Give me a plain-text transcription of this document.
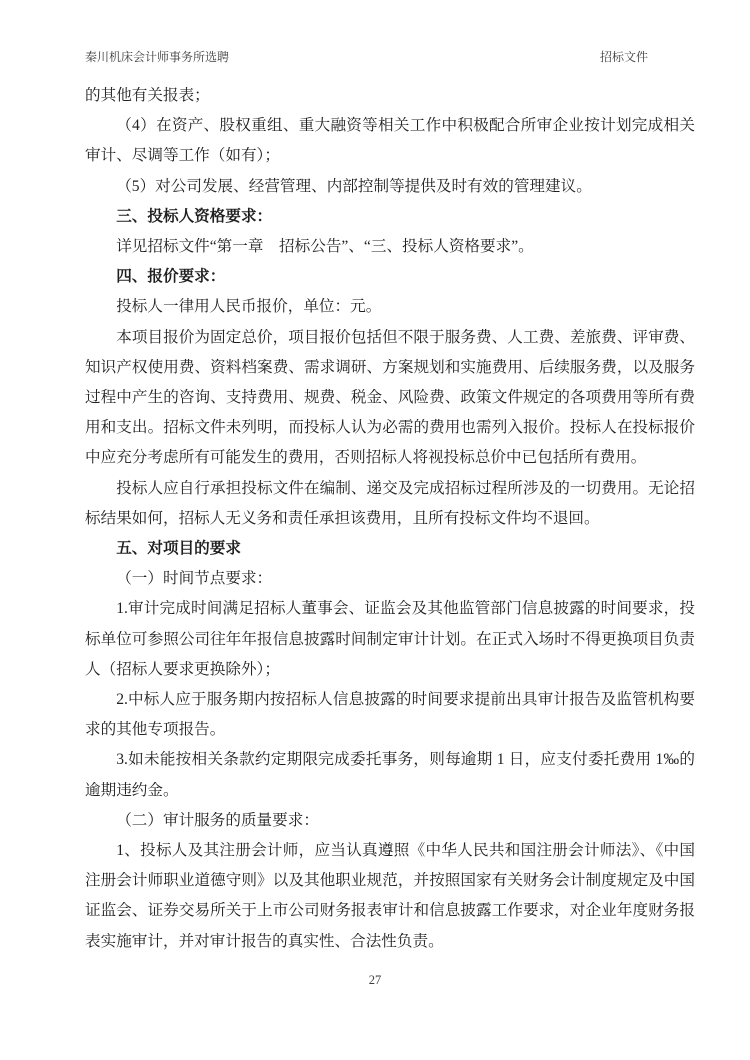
秦川机床会计师事务所选聘	招标文件

的其他有关报表；

（4）在资产、股权重组、重大融资等相关工作中积极配合所审企业按计划完成相关审计、尽调等工作（如有）；

（5）对公司发展、经营管理、内部控制等提供及时有效的管理建议。

三、投标人资格要求：

详见招标文件“第一章　招标公告”、“三、投标人资格要求”。

四、报价要求：

投标人一律用人民币报价，单位：元。

本项目报价为固定总价，项目报价包括但不限于服务费、人工费、差旅费、评审费、知识产权使用费、资料档案费、需求调研、方案规划和实施费用、后续服务费，以及服务过程中产生的咨询、支持费用、规费、税金、风险费、政策文件规定的各项费用等所有费用和支出。招标文件未列明，而投标人认为必需的费用也需列入报价。投标人在投标报价中应充分考虑所有可能发生的费用，否则招标人将视投标总价中已包括所有费用。

投标人应自行承担投标文件在编制、递交及完成招标过程所涉及的一切费用。无论招标结果如何，招标人无义务和责任承担该费用，且所有投标文件均不退回。

五、对项目的要求

（一）时间节点要求：

1.审计完成时间满足招标人董事会、证监会及其他监管部门信息披露的时间要求，投标单位可参照公司往年年报信息披露时间制定审计计划。在正式入场时不得更换项目负责人（招标人要求更换除外）；

2.中标人应于服务期内按招标人信息披露的时间要求提前出具审计报告及监管机构要求的其他专项报告。

3.如未能按相关条款约定期限完成委托事务，则每逾期 1 日，应支付委托费用 1‰的逾期违约金。

（二）审计服务的质量要求：

1、投标人及其注册会计师，应当认真遵照《中华人民共和国注册会计师法》、《中国注册会计师职业道德守则》以及其他职业规范，并按照国家有关财务会计制度规定及中国证监会、证券交易所关于上市公司财务报表审计和信息披露工作要求，对企业年度财务报表实施审计，并对审计报告的真实性、合法性负责。

27
